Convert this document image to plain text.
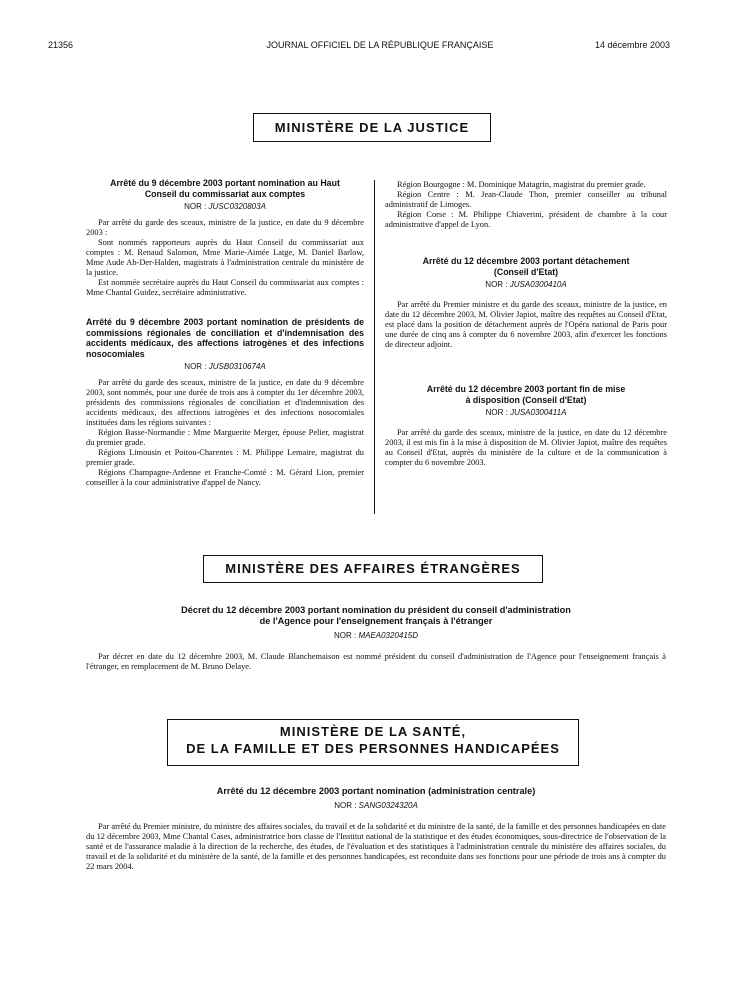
21356	JOURNAL OFFICIEL DE LA RÉPUBLIQUE FRANÇAISE	14 décembre 2003
MINISTÈRE DE LA JUSTICE
Arrêté du 9 décembre 2003 portant nomination au Haut Conseil du commissariat aux comptes
NOR : JUSC0320803A

Par arrêté du garde des sceaux, ministre de la justice, en date du 9 décembre 2003 :

Sont nommés rapporteurs auprès du Haut Conseil du commissariat aux comptes : M. Renaud Salomon, Mme Marie-Aimée Latge, M. Daniel Barlow, Mme Aude Ab-Der-Halden, magistrats à l'administration centrale du ministère de la justice.

Est nommée secrétaire auprès du Haut Conseil du commissariat aux comptes : Mme Chantal Guidez, secrétaire administrative.

Arrêté du 9 décembre 2003 portant nomination de présidents de commissions régionales de conciliation et d'indemnisation des accidents médicaux, des affections iatrogènes et des infections nosocomiales
NOR : JUSB0310674A

Par arrêté du garde des sceaux, ministre de la justice, en date du 9 décembre 2003, sont nommés, pour une durée de trois ans à compter du 1er décembre 2003, présidents des commissions régionales de conciliation et d'indemnisation des accidents médicaux, des affections iatrogènes et des infections nosocomiales instituées dans les régions suivantes :

Région Basse-Normandie : Mme Marguerite Merger, épouse Pelier, magistrat du premier grade.

Régions Limousin et Poitou-Charentes : M. Philippe Lemaire, magistrat du premier grade.

Régions Champagne-Ardenne et Franche-Comté : M. Gérard Lion, premier conseiller à la cour administrative d'appel de Nancy.

Région Bourgogne : M. Dominique Matagrin, magistrat du premier grade.

Région Centre : M. Jean-Claude Thon, premier conseiller au tribunal administratif de Limoges.

Région Corse : M. Philippe Chiaverini, président de chambre à la cour administrative d'appel de Lyon.

Arrêté du 12 décembre 2003 portant détachement
(Conseil d'Etat)
NOR : JUSA0300410A

Par arrêté du Premier ministre et du garde des sceaux, ministre de la justice, en date du 12 décembre 2003, M. Olivier Japiot, maître des requêtes au Conseil d'Etat, est placé dans la position de détachement auprès de l'Opéra national de Paris pour une durée de cinq ans à compter du 6 novembre 2003, afin d'exercer les fonctions de directeur adjoint.

Arrêté du 12 décembre 2003 portant fin de mise
à disposition (Conseil d'Etat)
NOR : JUSA0300411A

Par arrêté du garde des sceaux, ministre de la justice, en date du 12 décembre 2003, il est mis fin à la mise à disposition de M. Olivier Japiot, maître des requêtes au Conseil d'Etat, auprès du ministère de la culture et de la communication à compter du 6 novembre 2003.

MINISTÈRE DES AFFAIRES ÉTRANGÈRES
Décret du 12 décembre 2003 portant nomination du président du conseil d'administration
de l'Agence pour l'enseignement français à l'étranger
NOR : MAEA0320415D

Par décret en date du 12 décembre 2003, M. Claude Blanchemaison est nommé président du conseil d'administration de l'Agence pour l'enseignement français à l'étranger, en remplacement de M. Bruno Delaye.

MINISTÈRE DE LA SANTÉ,
DE LA FAMILLE ET DES PERSONNES HANDICAPÉES
Arrêté du 12 décembre 2003 portant nomination (administration centrale)
NOR : SANG0324320A

Par arrêté du Premier ministre, du ministre des affaires sociales, du travail et de la solidarité et du ministre de la santé, de la famille et des personnes handicapées en date du 12 décembre 2003, Mme Chantal Cases, administratrice hors classe de l'Institut national de la statistique et des études économiques, sous-directrice de l'observation de la santé et de l'assurance maladie à la direction de la recherche, des études, de l'évaluation et des statistiques à l'administration centrale du ministère des affaires sociales, du travail et de la solidarité et du ministère de la santé, de la famille et des personnes handicapées, est reconduite dans ses fonctions pour une période de trois ans à compter du 22 mars 2004.
